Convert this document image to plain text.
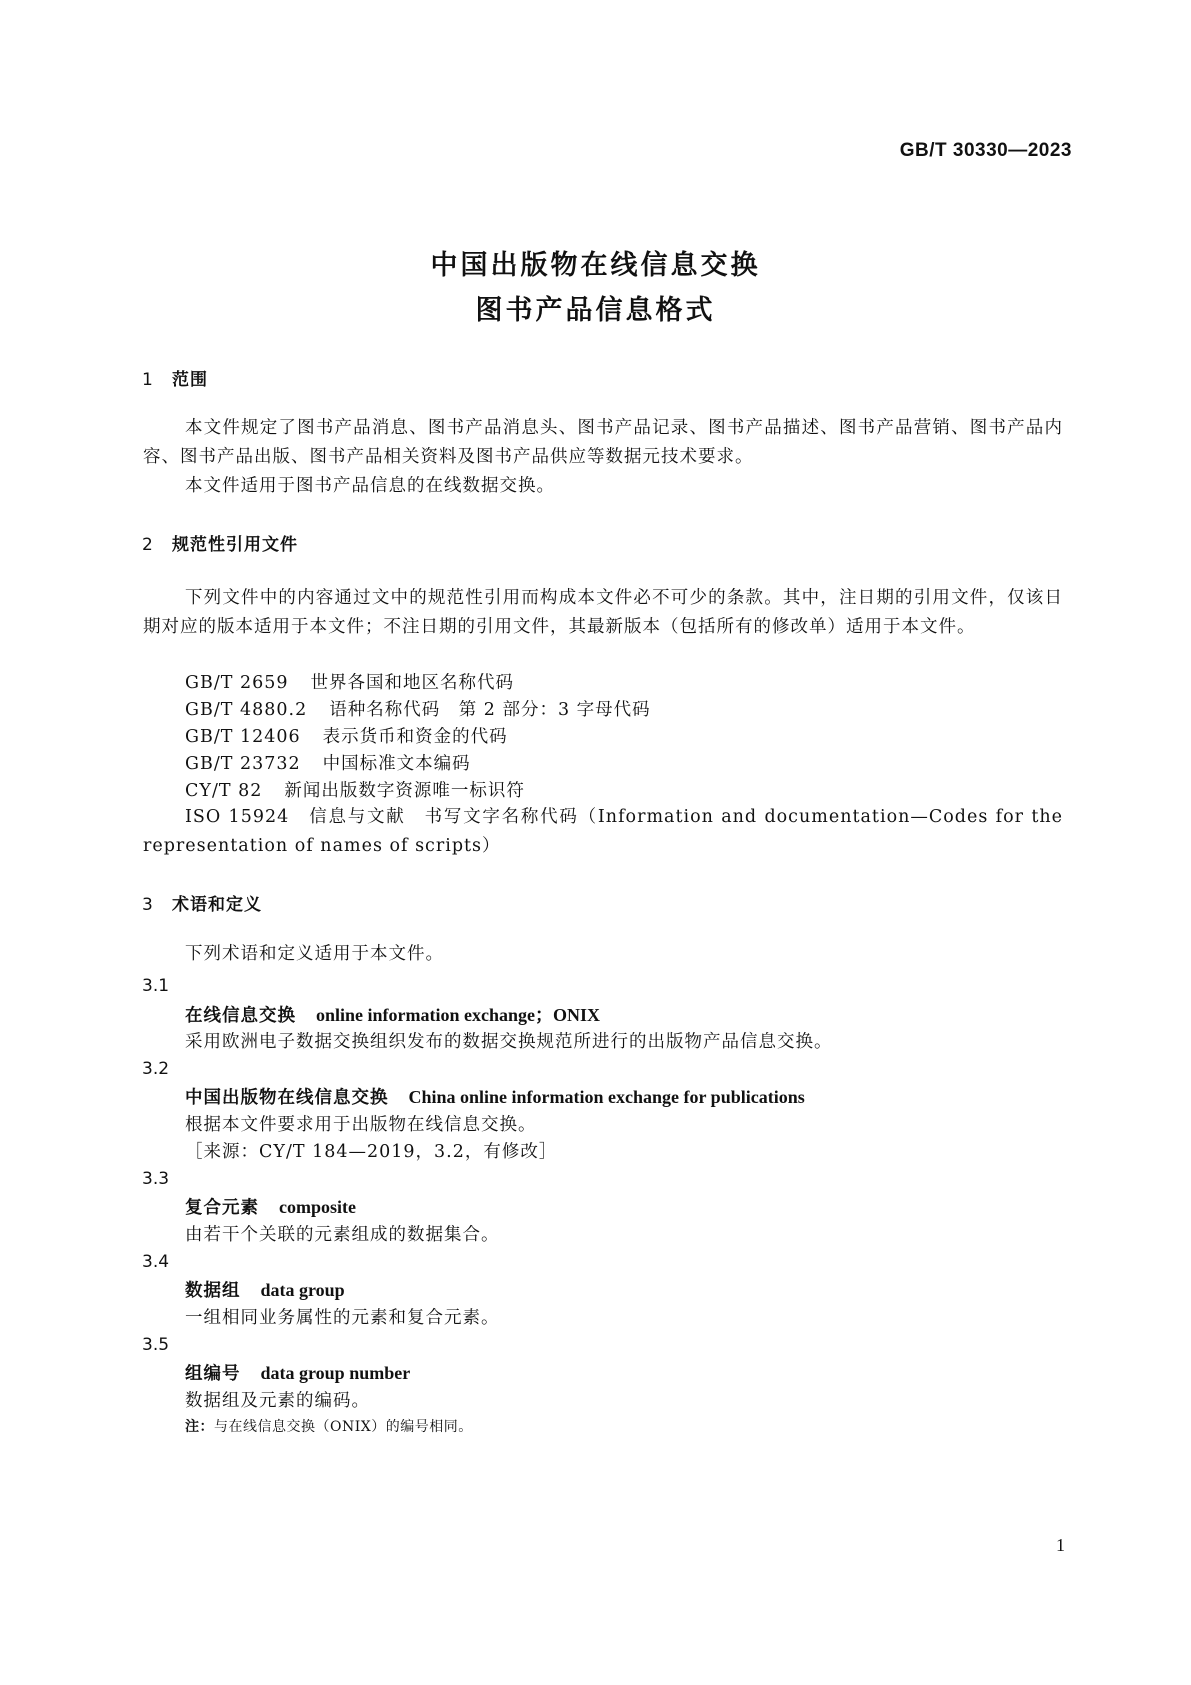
GB/T 30330—2023
中国出版物在线信息交换
图书产品信息格式
1 范围
本文件规定了图书产品消息、图书产品消息头、图书产品记录、图书产品描述、图书产品营销、图书产品内容、图书产品出版、图书产品相关资料及图书产品供应等数据元技术要求。
本文件适用于图书产品信息的在线数据交换。
2 规范性引用文件
下列文件中的内容通过文中的规范性引用而构成本文件必不可少的条款。其中，注日期的引用文件，仅该日期对应的版本适用于本文件；不注日期的引用文件，其最新版本（包括所有的修改单）适用于本文件。
GB/T 2659 世界各国和地区名称代码
GB/T 4880.2 语种名称代码　第 2 部分：3 字母代码
GB/T 12406 表示货币和资金的代码
GB/T 23732 中国标准文本编码
CY/T 82 新闻出版数字资源唯一标识符
ISO 15924　信息与文献　书写文字名称代码（Information and documentation—Codes for the representation of names of scripts）
3 术语和定义
下列术语和定义适用于本文件。
3.1
在线信息交换 online information exchange；ONIX
采用欧洲电子数据交换组织发布的数据交换规范所进行的出版物产品信息交换。
3.2
中国出版物在线信息交换 China online information exchange for publications
根据本文件要求用于出版物在线信息交换。
［来源：CY/T 184—2019，3.2，有修改］
3.3
复合元素 composite
由若干个关联的元素组成的数据集合。
3.4
数据组 data group
一组相同业务属性的元素和复合元素。
3.5
组编号 data group number
数据组及元素的编码。
注：与在线信息交换（ONIX）的编号相同。
1
